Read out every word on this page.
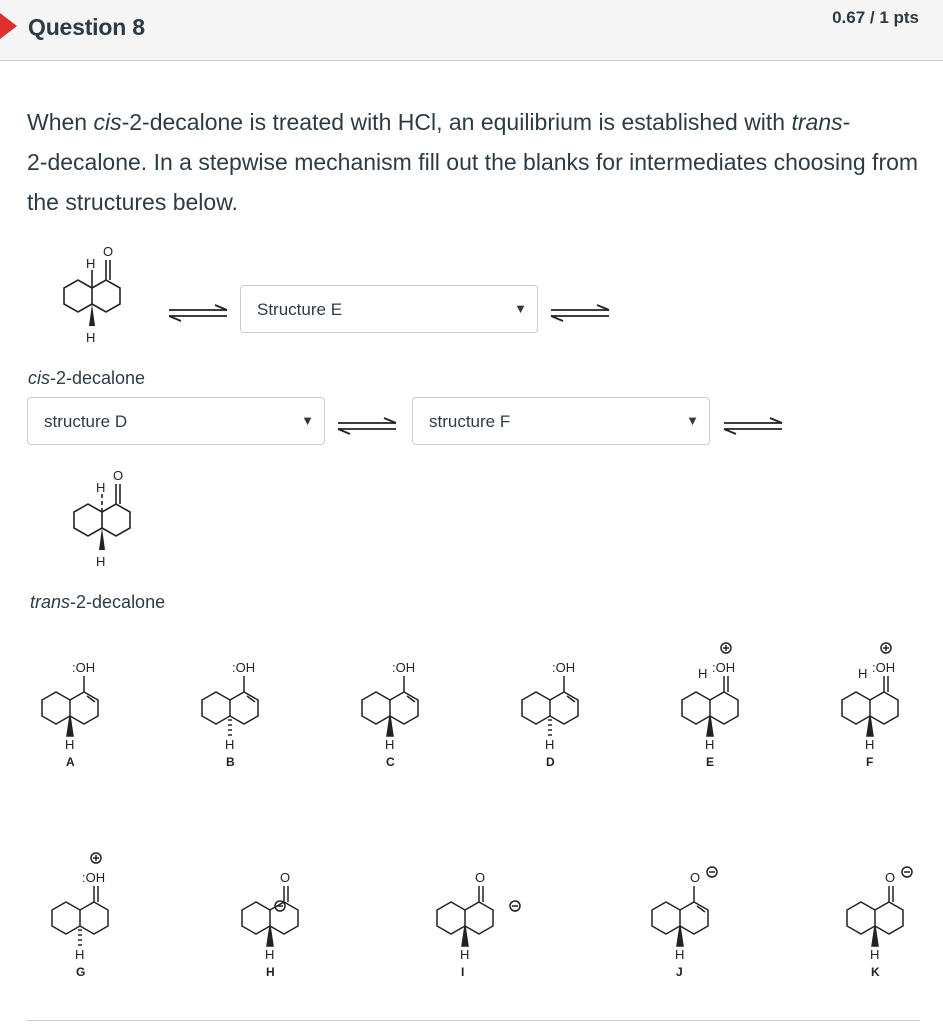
Question 8	0.67 / 1 pts
When cis-2-decalone is treated with HCl, an equilibrium is established with trans-
2-decalone. In a stepwise mechanism fill out the blanks for intermediates choosing from the structures below.
H
O
H
Structure E	▼
cis-2-decalone
structure D	▼	structure F	▼
H
O
H
trans-2-decalone
H
A
:OH
H
B
:OH
H
C
:OH
H
D
:OH
H
E
:OH
H
H
F
:OH
H
H
G
:OH
H
H
O
H
I
O
H
J
O
H
K
O
